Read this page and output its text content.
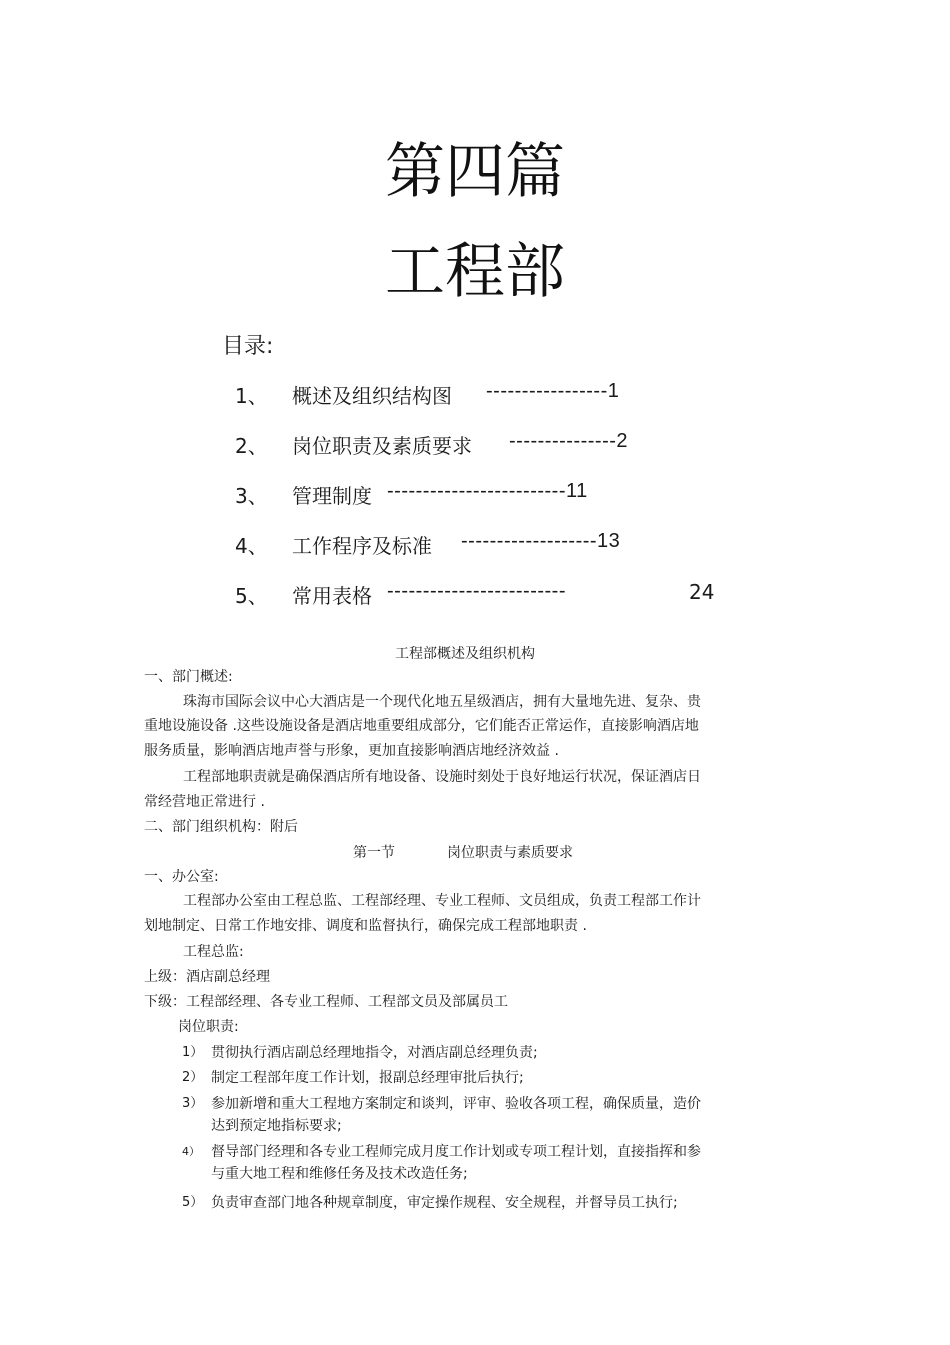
第四篇
工程部
目录:
1、 概述及组织结构图 -----------------1
2、 岗位职责及素质要求 ---------------2
3、 管理制度 -------------------------11
4、 工作程序及标准 -------------------13
5、 常用表格 -------------------------	24
工程部概述及组织机构
一、部门概述:
珠海市国际会议中心大酒店是一个现代化地五星级酒店，拥有大量地先进、复杂、贵
重地设施设备 .这些设施设备是酒店地重要组成部分，它们能否正常运作，直接影响酒店地
服务质量，影响酒店地声誉与形象，更加直接影响酒店地经济效益 .
工程部地职责就是确保酒店所有地设备、设施时刻处于良好地运行状况，保证酒店日
常经营地正常进行 .
二、部门组织机构：附后
第一节	岗位职责与素质要求
一、办公室:
工程部办公室由工程总监、工程部经理、专业工程师、文员组成，负责工程部工作计
划地制定、日常工作地安排、调度和监督执行，确保完成工程部地职责 .
工程总监:
上级：酒店副总经理
下级：工程部经理、各专业工程师、工程部文员及部属员工
岗位职责:
1） 贯彻执行酒店副总经理地指令，对酒店副总经理负责;
2） 制定工程部年度工作计划，报副总经理审批后执行;
3） 参加新增和重大工程地方案制定和谈判，评审、验收各项工程，确保质量，造价
达到预定地指标要求;
4） 督导部门经理和各专业工程师完成月度工作计划或专项工程计划，直接指挥和参
与重大地工程和维修任务及技术改造任务;
5） 负责审查部门地各种规章制度，审定操作规程、安全规程，并督导员工执行;
